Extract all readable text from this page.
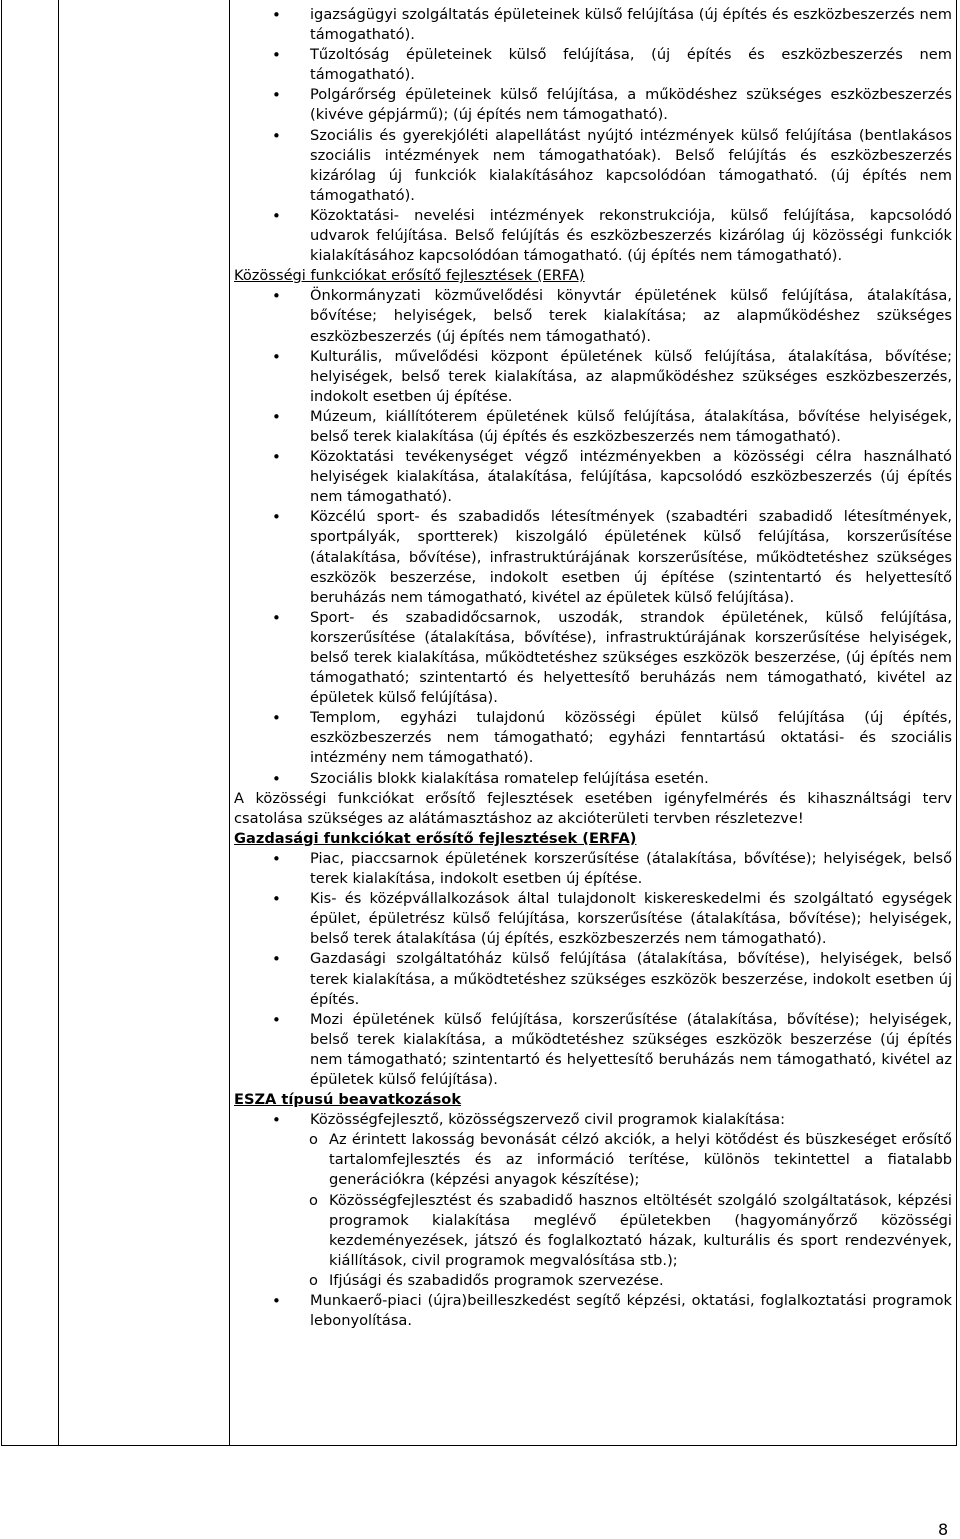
• igazságügyi szolgáltatás épületeinek külső felújítása (új építés és eszközbeszerzés nem támogatható).
• Tűzoltóság épületeinek külső felújítása, (új építés és eszközbeszerzés nem támogatható).
• Polgárőrség épületeinek külső felújítása, a működéshez szükséges eszközbeszerzés (kivéve gépjármű); (új építés nem támogatható).
• Szociális és gyerekjóléti alapellátást nyújtó intézmények külső felújítása (bentlakásos szociális intézmények nem támogathatóak). Belső felújítás és eszközbeszerzés kizárólag új funkciók kialakításához kapcsolódóan támogatható. (új építés nem támogatható).
• Közoktatási- nevelési intézmények rekonstrukciója, külső felújítása, kapcsolódó udvarok felújítása. Belső felújítás és eszközbeszerzés kizárólag új közösségi funkciók kialakításához kapcsolódóan támogatható. (új építés nem támogatható).

Közösségi funkciókat erősítő fejlesztések (ERFA)

• Önkormányzati közművelődési könyvtár épületének külső felújítása, átalakítása, bővítése; helyiségek, belső terek kialakítása; az alapműködéshez szükséges eszközbeszerzés (új építés nem támogatható).
• Kulturális, művelődési központ épületének külső felújítása, átalakítása, bővítése; helyiségek, belső terek kialakítása, az alapműködéshez szükséges eszközbeszerzés, indokolt esetben új építése.
• Múzeum, kiállítóterem épületének külső felújítása, átalakítása, bővítése helyiségek, belső terek kialakítása (új építés és eszközbeszerzés nem támogatható).
• Közoktatási tevékenységet végző intézményekben a közösségi célra használható helyiségek kialakítása, átalakítása, felújítása, kapcsolódó eszközbeszerzés (új építés nem támogatható).
• Közcélú sport- és szabadidős létesítmények (szabadtéri szabadidő létesítmények, sportpályák, sportterek) kiszolgáló épületének külső felújítása, korszerűsítése (átalakítása, bővítése), infrastruktúrájának korszerűsítése, működtetéshez szükséges eszközök beszerzése, indokolt esetben új építése (szintentartó és helyettesítő beruházás nem támogatható, kivétel az épületek külső felújítása).
• Sport- és szabadidőcsarnok, uszodák, strandok épületének, külső felújítása, korszerűsítése (átalakítása, bővítése), infrastruktúrájának korszerűsítése helyiségek, belső terek kialakítása, működtetéshez szükséges eszközök beszerzése, (új építés nem támogatható; szintentartó és helyettesítő beruházás nem támogatható, kivétel az épületek külső felújítása).
• Templom, egyházi tulajdonú közösségi épület külső felújítása (új építés, eszközbeszerzés nem támogatható; egyházi fenntartású oktatási- és szociális intézmény nem támogatható).
• Szociális blokk kialakítása romatelep felújítása esetén.

A közösségi funkciókat erősítő fejlesztések esetében igényfelmérés és kihasználtsági terv csatolása szükséges az alátámasztáshoz az akcióterületi tervben részletezve!

Gazdasági funkciókat erősítő fejlesztések (ERFA)

• Piac, piaccsarnok épületének korszerűsítése (átalakítása, bővítése); helyiségek, belső terek kialakítása, indokolt esetben új építése.
• Kis- és középvállalkozások által tulajdonolt kiskereskedelmi és szolgáltató egységek épület, épületrész külső felújítása, korszerűsítése (átalakítása, bővítése); helyiségek, belső terek átalakítása (új építés, eszközbeszerzés nem támogatható).
• Gazdasági szolgáltatóház külső felújítása (átalakítása, bővítése), helyiségek, belső terek kialakítása, a működtetéshez szükséges eszközök beszerzése, indokolt esetben új építés.
• Mozi épületének külső felújítása, korszerűsítése (átalakítása, bővítése); helyiségek, belső terek kialakítása, a működtetéshez szükséges eszközök beszerzése (új építés nem támogatható; szintentartó és helyettesítő beruházás nem támogatható, kivétel az épületek külső felújítása).

ESZA típusú beavatkozások

• Közösségfejlesztő, közösségszervező civil programok kialakítása:
o Az érintett lakosság bevonását célzó akciók, a helyi kötődést és büszkeséget erősítő tartalomfejlesztés és az információ terítése, különös tekintettel a fiatalabb generációkra (képzési anyagok készítése);
o Közösségfejlesztést és szabadidő hasznos eltöltését szolgáló szolgáltatások, képzési programok kialakítása meglévő épületekben (hagyományőrző közösségi kezdeményezések, játszó és foglalkoztató házak, kulturális és sport rendezvények, kiállítások, civil programok megvalósítása stb.);
o Ifjúsági és szabadidős programok szervezése.
• Munkaerő-piaci (újra)beilleszkedést segítő képzési, oktatási, foglalkoztatási programok lebonyolítása.
8
